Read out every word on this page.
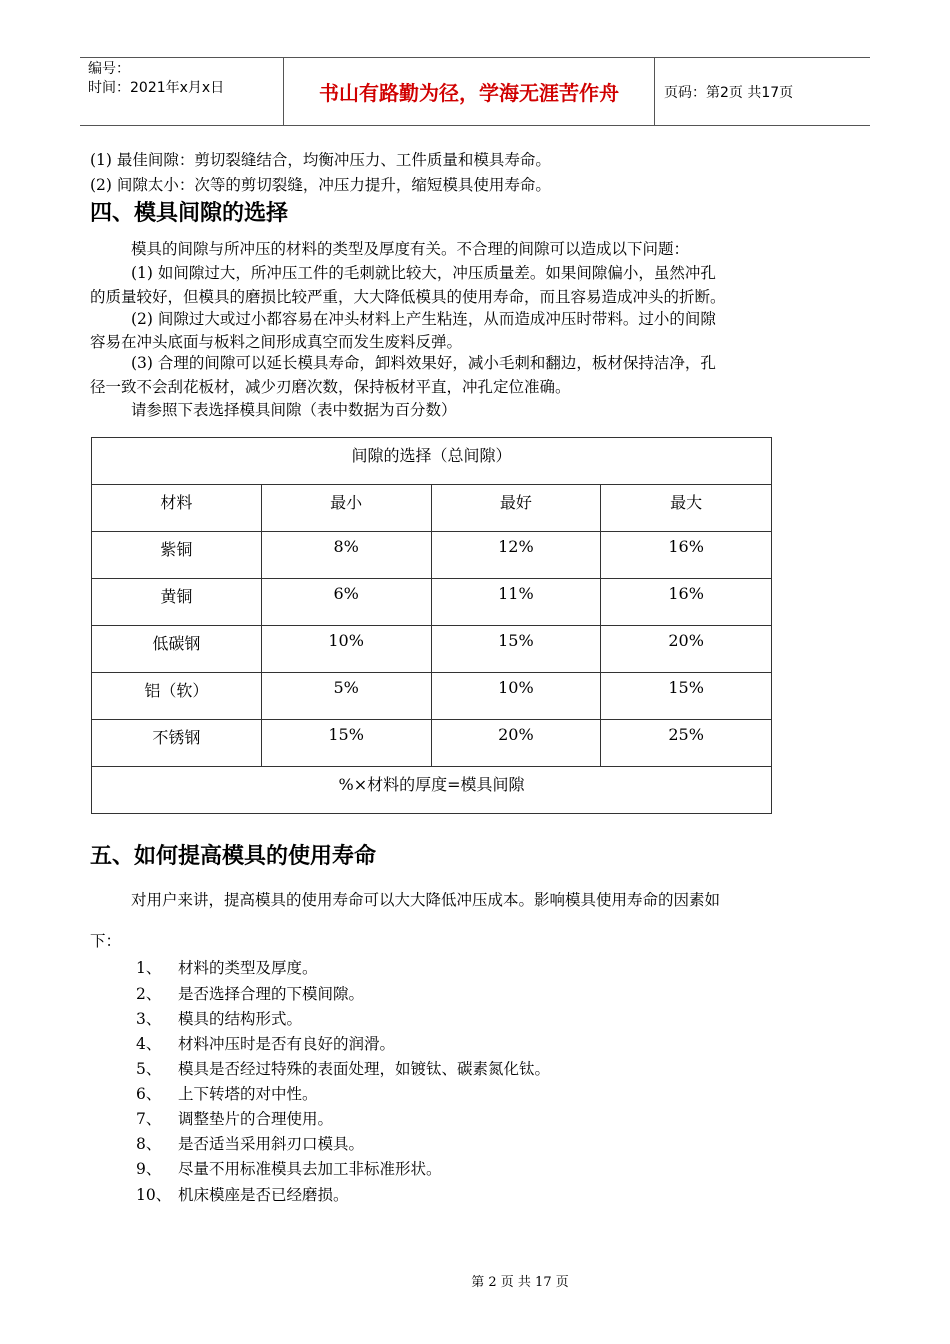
编号：
时间：2021年x月x日	书山有路勤为径，学海无涯苦作舟	页码：第2页 共17页
(1) 最佳间隙：剪切裂缝结合，均衡冲压力、工件质量和模具寿命。
(2) 间隙太小：次等的剪切裂缝，冲压力提升，缩短模具使用寿命。
四、模具间隙的选择
模具的间隙与所冲压的材料的类型及厚度有关。不合理的间隙可以造成以下问题：
(1) 如间隙过大，所冲压工件的毛刺就比较大，冲压质量差。如果间隙偏小，虽然冲孔
的质量较好，但模具的磨损比较严重，大大降低模具的使用寿命，而且容易造成冲头的折断。
(2) 间隙过大或过小都容易在冲头材料上产生粘连，从而造成冲压时带料。过小的间隙
容易在冲头底面与板料之间形成真空而发生废料反弹。
(3) 合理的间隙可以延长模具寿命，卸料效果好，减小毛刺和翻边，板材保持洁净，孔
径一致不会刮花板材，减少刃磨次数，保持板材平直，冲孔定位准确。
请参照下表选择模具间隙（表中数据为百分数）
间隙的选择（总间隙）			
材料	最小	最好	最大
紫铜	8%	12%	16%
黄铜	6%	11%	16%
低碳钢	10%	15%	20%
铝（软）	5%	10%	15%
不锈钢	15%	20%	25%
%×材料的厚度=模具间隙			
五、如何提高模具的使用寿命
对用户来讲，提高模具的使用寿命可以大大降低冲压成本。影响模具使用寿命的因素如
下：
1、 材料的类型及厚度。
2、 是否选择合理的下模间隙。
3、 模具的结构形式。
4、 材料冲压时是否有良好的润滑。
5、 模具是否经过特殊的表面处理，如镀钛、碳素氮化钛。
6、 上下转塔的对中性。
7、 调整垫片的合理使用。
8、 是否适当采用斜刃口模具。
9、 尽量不用标准模具去加工非标准形状。
10、 机床模座是否已经磨损。
第 2 页 共 17 页
